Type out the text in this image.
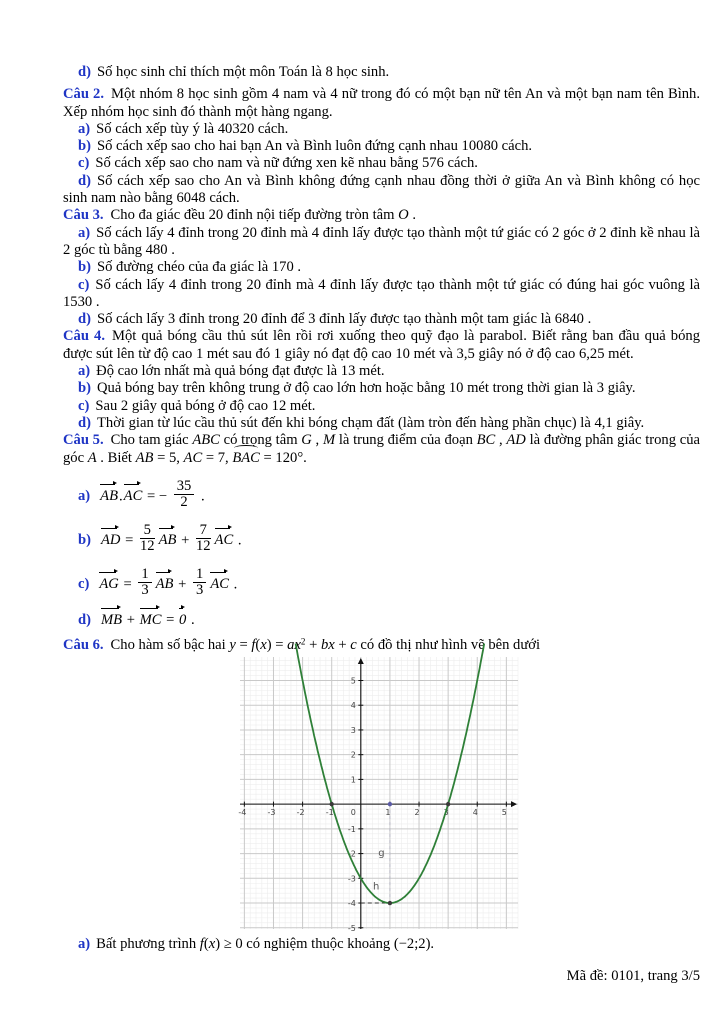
d) Số học sinh chỉ thích một môn Toán là 8 học sinh.

Câu 2. Một nhóm 8 học sinh gồm 4 nam và 4 nữ trong đó có một bạn nữ tên An và một bạn nam tên Bình. Xếp nhóm học sinh đó thành một hàng ngang.

a) Số cách xếp tùy ý là 40320 cách.

b) Số cách xếp sao cho hai bạn An và Bình luôn đứng cạnh nhau 10080 cách.

c) Số cách xếp sao cho nam và nữ đứng xen kẽ nhau bằng 576 cách.

d) Số cách xếp sao cho An và Bình không đứng cạnh nhau đồng thời ở giữa An và Bình không có học sinh nam nào bằng 6048 cách.

Câu 3. Cho đa giác đều 20 đỉnh nội tiếp đường tròn tâm O .

a) Số cách lấy 4 đỉnh trong 20 đỉnh mà 4 đỉnh lấy được tạo thành một tứ giác có 2 góc ở 2 đỉnh kề nhau là 2 góc tù bằng 480 .

b) Số đường chéo của đa giác là 170 .

c) Số cách lấy 4 đỉnh trong 20 đỉnh mà 4 đỉnh lấy được tạo thành một tứ giác có đúng hai góc vuông là 1530 .

d) Số cách lấy 3 đỉnh trong 20 đỉnh để 3 đỉnh lấy được tạo thành một tam giác là 6840 .

Câu 4. Một quả bóng cầu thủ sút lên rồi rơi xuống theo quỹ đạo là parabol. Biết rằng ban đầu quả bóng được sút lên từ độ cao 1 mét sau đó 1 giây nó đạt độ cao 10 mét và 3,5 giây nó ở độ cao 6,25 mét.

a) Độ cao lớn nhất mà quả bóng đạt được là 13 mét.

b) Quả bóng bay trên không trung ở độ cao lớn hơn hoặc bằng 10 mét trong thời gian là 3 giây.

c) Sau 2 giây quả bóng ở độ cao 12 mét.

d) Thời gian từ lúc cầu thủ sút đến khi bóng chạm đất (làm tròn đến hàng phần chục) là 4,1 giây.

Câu 5. Cho tam giác ABC có trọng tâm G , M là trung điểm của đoạn BC , AD là đường phân giác trong của góc A . Biết AB = 5, AC = 7, BAC = 120°.

a) AB.AC = − $\frac{35}{2}$ .
b) AD = $\frac{5}{12}$ AB + $\frac{7}{12}$ AC .
c) AG = $\frac{1}{3}$ AB + $\frac{1}{3}$ AC .
d) MB + MC = 0 .

Câu 6. Cho hàm số bậc hai $y = f(x) = ax^2$ + bx + c có đồ thị như hình vẽ bên dưới

-4	-3	-2	-1	1	2	3	4	5
-5
-4
-3
-2
-1
1
2
3
4
5
0
g
h

a) Bất phương trình f(x) ≥ 0 có nghiệm thuộc khoảng (−2;2).

Mã đề: 0101, trang 3/5
